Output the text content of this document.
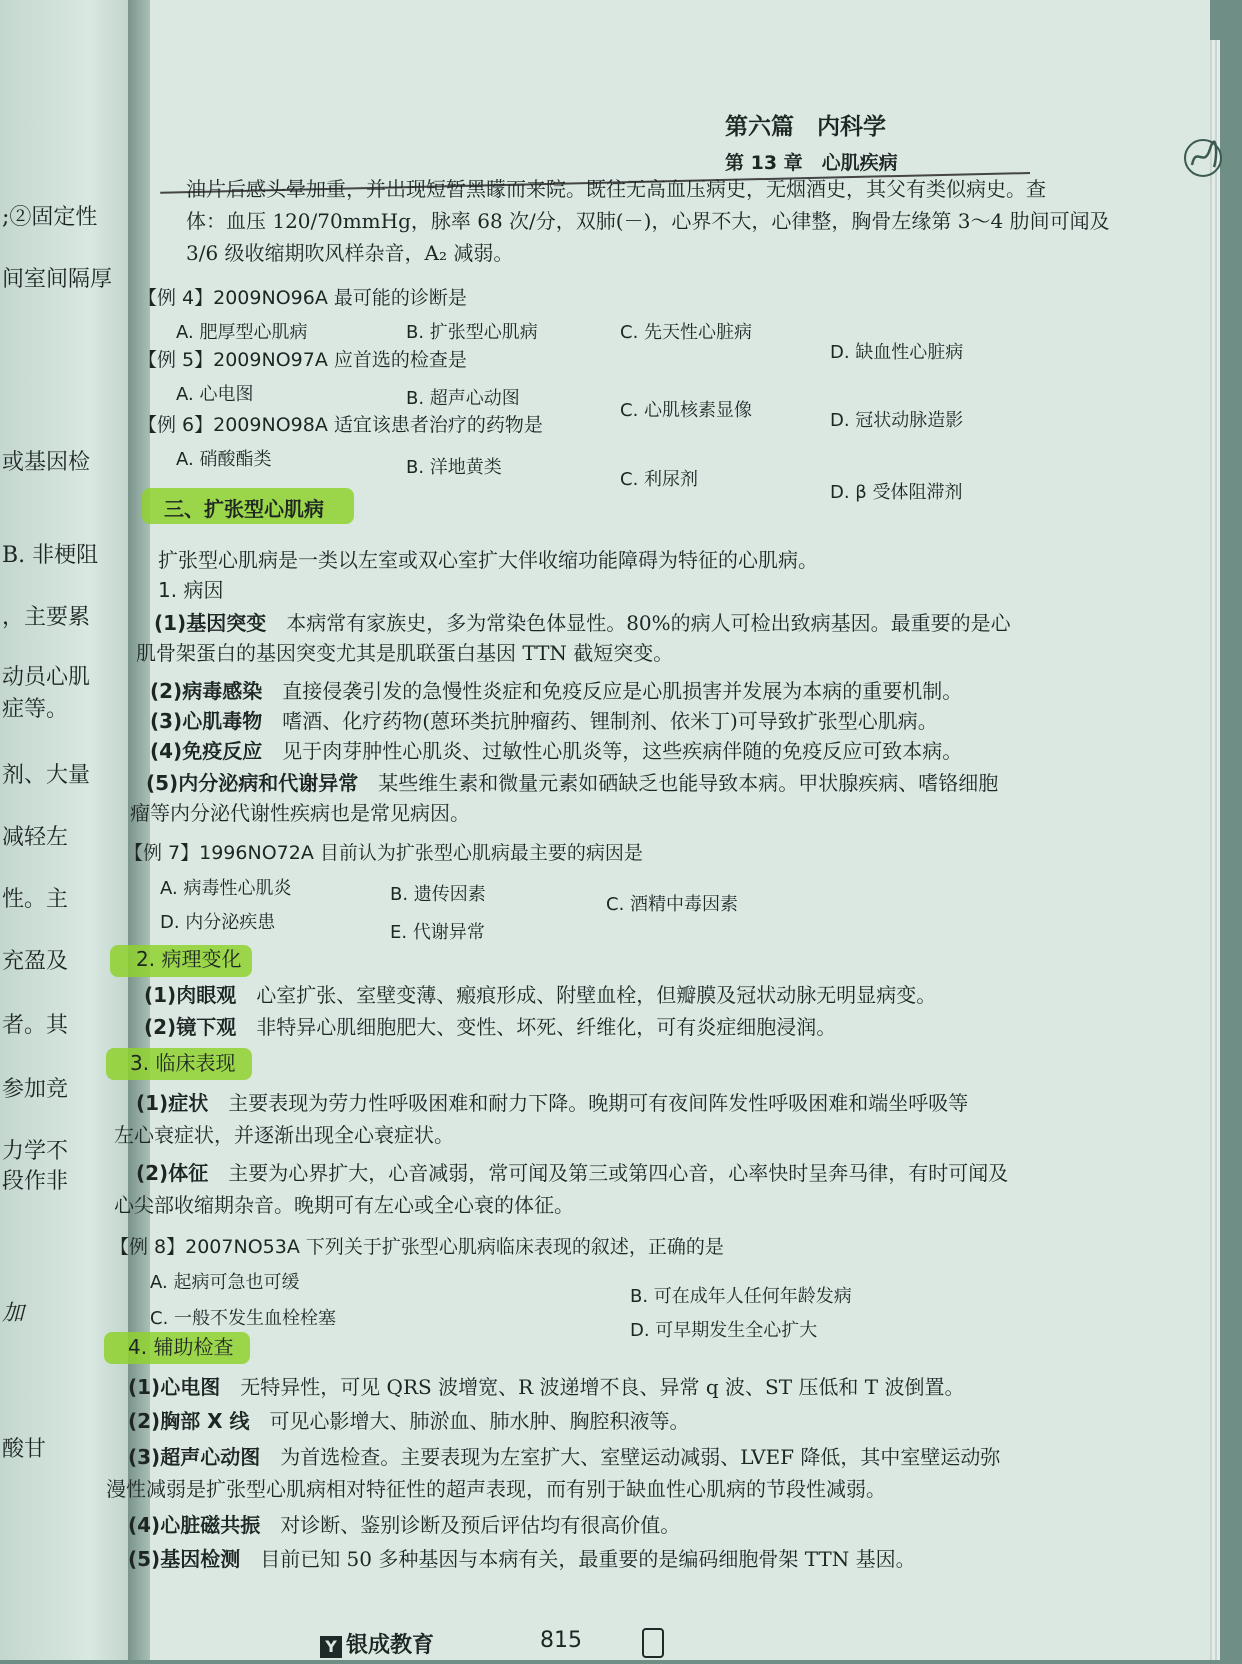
;②固定性
间室间隔厚
或基因检
B. 非梗阻
，主要累
动员心肌
症等。
剂、大量
减轻左
性。主
充盈及
者。其
参加竞
力学不
段作非
加
酸甘
第六篇　内科学
第 13 章　心肌疾病
油片后感头晕加重，并出现短暂黑矇而来院。既往无高血压病史，无烟酒史，其父有类似病史。查
体：血压 120/70mmHg，脉率 68 次/分，双肺(－)，心界不大，心律整，胸骨左缘第 3～4 肋间可闻及
3/6 级收缩期吹风样杂音，A₂ 减弱。
【例 4】2009NO96A 最可能的诊断是
A. 肥厚型心肌病	B. 扩张型心肌病	C. 先天性心脏病
D. 缺血性心脏病
【例 5】2009NO97A 应首选的检查是
A. 心电图	B. 超声心动图
C. 心肌核素显像	D. 冠状动脉造影
【例 6】2009NO98A 适宜该患者治疗的药物是
A. 硝酸酯类	B. 洋地黄类
C. 利尿剂
D. β 受体阻滞剂
三、扩张型心肌病
扩张型心肌病是一类以左室或双心室扩大伴收缩功能障碍为特征的心肌病。
1. 病因
(1)基因突变　 本病常有家族史，多为常染色体显性。80%的病人可检出致病基因。最重要的是心
肌骨架蛋白的基因突变尤其是肌联蛋白基因 TTN 截短突变。
(2)病毒感染　 直接侵袭引发的急慢性炎症和免疫反应是心肌损害并发展为本病的重要机制。
(3)心肌毒物　 嗜酒、化疗药物(蒽环类抗肿瘤药、锂制剂、依米丁)可导致扩张型心肌病。
(4)免疫反应　 见于肉芽肿性心肌炎、过敏性心肌炎等，这些疾病伴随的免疫反应可致本病。
(5)内分泌病和代谢异常　 某些维生素和微量元素如硒缺乏也能导致本病。甲状腺疾病、嗜铬细胞
瘤等内分泌代谢性疾病也是常见病因。
【例 7】1996NO72A 目前认为扩张型心肌病最主要的病因是
A. 病毒性心肌炎	B. 遗传因素	C. 酒精中毒因素
D. 内分泌疾患	E. 代谢异常
2. 病理变化
(1)肉眼观　 心室扩张、室壁变薄、瘢痕形成、附壁血栓，但瓣膜及冠状动脉无明显病变。
(2)镜下观　 非特异心肌细胞肥大、变性、坏死、纤维化，可有炎症细胞浸润。
3. 临床表现
(1)症状　 主要表现为劳力性呼吸困难和耐力下降。晚期可有夜间阵发性呼吸困难和端坐呼吸等
左心衰症状，并逐渐出现全心衰症状。
(2)体征　 主要为心界扩大，心音减弱，常可闻及第三或第四心音，心率快时呈奔马律，有时可闻及
心尖部收缩期杂音。晚期可有左心或全心衰的体征。
【例 8】2007NO53A 下列关于扩张型心肌病临床表现的叙述，正确的是
A. 起病可急也可缓
B. 可在成年人任何年龄发病
C. 一般不发生血栓栓塞
D. 可早期发生全心扩大
4. 辅助检查
(1)心电图　 无特异性，可见 QRS 波增宽、R 波递增不良、异常 q 波、ST 压低和 T 波倒置。
(2)胸部 X 线　 可见心影增大、肺淤血、肺水肿、胸腔积液等。
(3)超声心动图　 为首选检查。主要表现为左室扩大、室壁运动减弱、LVEF 降低，其中室壁运动弥
漫性减弱是扩张型心肌病相对特征性的超声表现，而有别于缺血性心肌病的节段性减弱。
(4)心脏磁共振　 对诊断、鉴别诊断及预后评估均有很高价值。
(5)基因检测　 目前已知 50 多种基因与本病有关，最重要的是编码细胞骨架 TTN 基因。
Y 银成教育	815
